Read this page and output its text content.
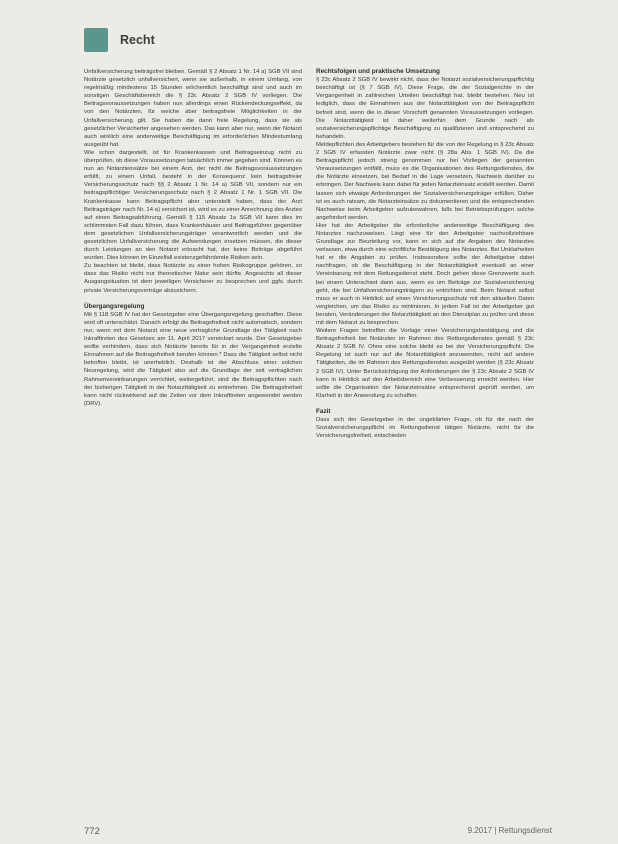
Recht

Unfallversicherung beiträgsfrei bleiben. Gemäß § 2 Absatz 1 Nr. 14 a) SGB VII sind Notärzte gesetzlich unfallversichert, wenn sie außerhalb, in einem Umfang, von regelmäßig mindestens 15 Stunden wöchentlich beschäftigt sind und auch im sonstigen Geschäftsbereich die § 23c Absatz 2 SGB IV vorliegen. Die Beitragsvoraussetzungen haben nun allerdings einen Rückendeckungseffekt, da von den Notärzten, für welche aber beitragsfreie Möglichkeiten in der Unfallversicherung gilt. Sie haben die dann freie Regelung, dass sie als gesetzlicher Versicherter angesehen werden. Das kann aber nur, wenn der Notarzt auch wirklich eine anderweitige Beschäftigung im erforderlichen Mindestumfang ausgeübt hat.

Wie schon dargestellt, ist für Krankenkassen und Beitragseinzug nicht zu überprüfen, ob diese Voraussetzungen tatsächlich immer gegeben sind. Können es nun an Notarzteinsätze bei einem Arzt, der nicht die Beitragsvoraussetzungen erfüllt, zu einem Unfall, besteht in der Konsequenz kein beitragsfreier Versicherungsschutz nach §§ 2 Absatz 1 Nr. 14 a) SGB VII, sondern nur ein beitragspflichtiger Versicherungsschutz nach § 2 Absatz 1 Nr. 1 SGB VII. Die Krankenkasse kann Beitragspflicht aber unterstellt haben, dass der Arzt Beitragsträger nach Nr. 14 a) versichert ist, wird es zu einer Anrechnung des Arztes auf einen Beitragsabführung. Gemäß § 115 Absatz 1a SGB VII kann dies im schlimmsten Fall dazu führen, dass Krankenhäuser und Beitragsführer gegenüber dem gesetzlichen Unfallversicherungsträger verantwortlich werden und die gesetzlichen Unfallversicherung die Aufwendungen ersetzen müssen, die dieser durch Leistungen an den Notarzt erbracht hat, der keine Beiträge abgeführt wurden. Dies können im Einzelfall existenzgefährdende Risiken sein.

Zu beachten ist bleibt, dass Notärzte zu einer hohen Risikogruppe gehören, so dass das Risiko nicht nur theoretischer Natur sein dürfte. Angesichts all dieser Ausgangsituation ist dem jeweiligen Versicherer zu besprechen und ggfs. durch private Versicherungsverträge abzusichern.

Übergangsregelung

Mit § 118 SGB IV hat der Gesetzgeber eine Übergangsregelung geschaffen. Diese wird oft unterschätzt. Danach erfolgt die Beitragsfreiheit nicht automatisch, sondern nur, wenn mit dem Notarzt eine neue vertragliche Grundlage der Tätigkeit nach Inkrafttreten des Gesetzes am 11. April 2017 vereinbart wurde. Der Gesetzgeber wollte verhindern, dass sich Notärzte bereits für in der Vergangenheit erzielte Einnahmen auf die Beitragsfreiheit berufen können.* Dass die Tätigkeit selbst nicht betroffen bleibt, ist unerheblich. Deshalb ist der Abschluss einer solchen Neuregelung, wird die Tätigkeit also auf die Grundlage der seit vertraglichen Rahmenvereinbarungen verrichtet, weitergeführt, sind die Beitragspflichten nach der bisherigen Tätigkeit in der Notarzttätigkeit zu entnehmen. Die Beitragsfreiheit kann nicht rückwirkend auf die Zeiten vor dem Inkrafttreten angewendet werden (DRV).

Rechtsfolgen und praktische Umsetzung

§ 23c Absatz 2 SGB IV bewirkt nicht, dass der Notarzt sozialversicherungspflichtig beschäftigt ist (§ 7 SGB IV). Diese Frage, die der Sozialgerichte in der Vergangenheit in zahlreichen Urteilen beschäftigt hat, bleibt bestehen. Neu ist lediglich, dass die Einnahmen aus der Notarzttätigkeit von der Beitragspflicht befreit sind, wenn die in dieser Vorschrift genannten Voraussetzungen vorliegen. Die Notarzttätigkeit ist daher weiterhin dem Grunde nach als sozialversicherungspflichtige Beschäftigung zu qualifizieren und entsprechend zu behandeln.

Meldepflichten des Arbeitgebers bestehen für die von der Regelung in § 23c Absatz 2 SGB IV erfassten Notärzte zwar nicht (§ 28a Abs. 1 SGB IV). Da die Beitragspflicht jedoch streng genommen nur bei Vorliegen der genannten Voraussetzungen entfällt, muss es die Organisationen des Rettungsdienstes, die die Notärzte einsetzen, bei Bedarf in die Lage versetzen, Nachweis darüber zu erbringen. Der Nachweis kann dabei für jeden Notarzteinsatz erstellt werden. Damit lassen sich etwaige Anforderungen der Sozialversicherungsträger erfüllen. Daher ist es auch ratsam, die Notarzteinsätze zu dokumentieren und die entsprechenden Nachweise beim Arbeitgeber aufzubewahren, falls bei Betriebsprüfungen solche angefordert werden.

Hier hat der Arbeitgeber die erforderliche anderweitige Beschäftigung des Notarztes nachzuweisen. Liegt eine für den Arbeitgeber nachvollziehbare Grundlage zur Beurteilung vor, kann er sich auf die Angaben des Notarztes verlassen, etwa durch eine schriftliche Bestätigung des Notarztes. Bei Unklarheiten hat er die Angaben zu prüfen. Insbesondere sollte der Arbeitgeber dabei nachfragen, ob die Beschäftigung in der Notarzttätigkeit eventuell an einer Vereinbarung mit dem Rettungsdienst steht. Doch gehen diese Grenzwerte auch bei einem Unterschied dann aus, wenn es um Beiträge zur Sozialversicherung geht, die bei Unfallversicherungsträgern zu entrichten sind. Beim Notarzt selbst muss er auch in Hinblick auf einen Versicherungsschutz mit den aktuellen Daten vergleichen, um das Risiko zu minimieren. In jedem Fall ist der Arbeitgeber gut beraten, Veränderungen der Notarzttätigkeit an den Dienstplan zu prüfen und diese mit dem Notarzt zu besprechen.

Weitere Fragen betreffen die Vorlage einer Versicherungsbestätigung und die Beitragsfreiheit bei Notärzten im Rahmen des Rettungsdienstes gemäß § 23c Absatz 2 SGB IV. Ohne eine solche bleibt es bei der Versicherungspflicht. Die Regelung ist auch nur auf die Notarzttätigkeit anzuwenden, nicht auf andere Tätigkeiten, die im Rahmen des Rettungsdienstes ausgeübt werden (§ 23c Absatz 2 SGB IV). Unter Berücksichtigung der Anforderungen der § 23c Absatz 2 SGB IV kann in Hinblick auf den Arbeitsbereich eine Verbesserung erreicht werden. Hier sollte die Organisation der Notarzteinsätze entsprechend geprüft werden, um Klarheit in der Anwendung zu schaffen.

Fazit

Dass sich der Gesetzgeber in der ungeklärten Frage, ob für die nach der Sozialversicherungspflicht im Rettungsdienst tätigen Notärzte, nicht für die Versicherungsfreiheit, entschieden

772	9.2017 | Rettungsdienst
